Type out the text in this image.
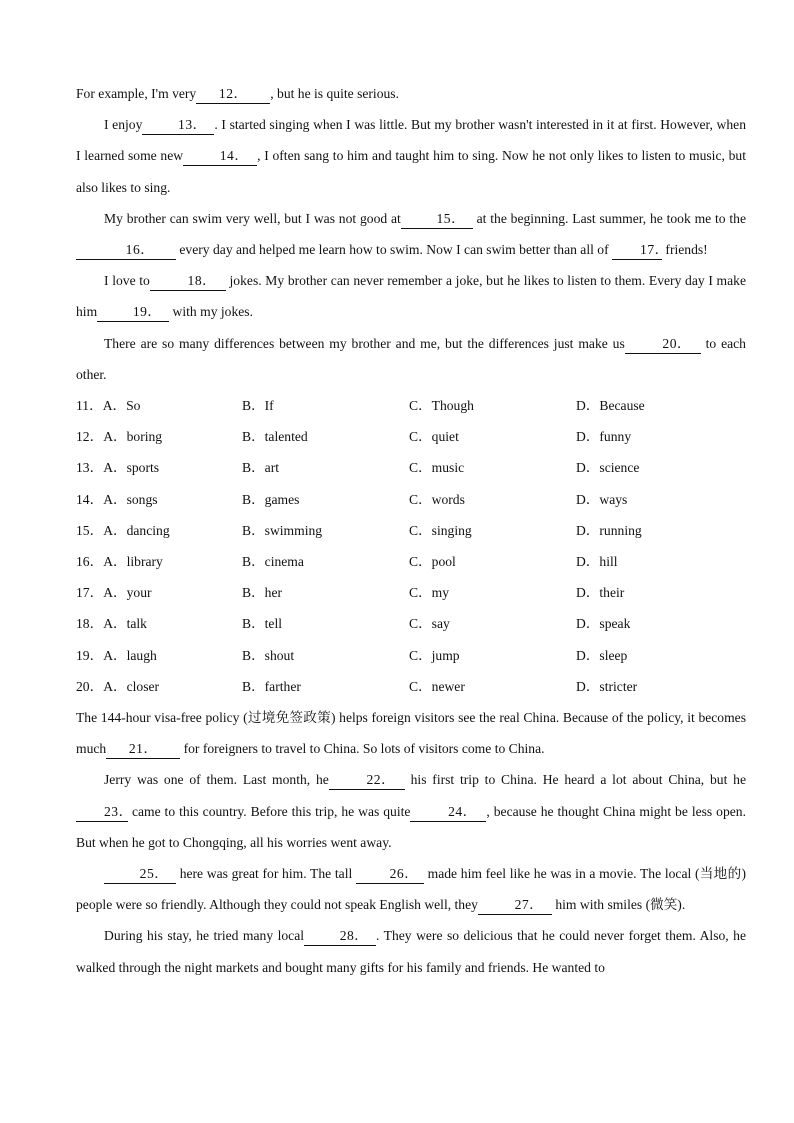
For example, I'm very 12． , but he is quite serious.

I enjoy	13． . I started singing when I was little. But my brother wasn't interested in it at first. However, when I learned some new	14． , I often sang to him and taught him to sing. Now he not only likes to listen to music, but also likes to sing.

My brother can swim very well, but I was not good at	15． at the beginning. Last summer, he took me to the16． every day and helped me learn how to swim. Now I can swim better than all of 17． friends!

I love to	18． jokes. My brother can never remember a joke, but he likes to listen to them. Every day I make him	19． with my jokes.

There are so many differences between my brother and me, but the differences just make us	20． to each other.

11．A．So	B．If	C．Though	D．Because
12．A．boring	B．talented	C．quiet	D．funny
13．A．sports	B．art	C．music	D．science
14．A．songs	B．games	C．words	D．ways
15．A．dancing	B．swimming	C．singing	D．running
16．A．library	B．cinema	C．pool	D．hill
17．A．your	B．her	C．my	D．their
18．A．talk	B．tell	C．say	D．speak
19．A．laugh	B．shout	C．jump	D．sleep
20．A．closer	B．farther	C．newer	D．stricter

The 144-hour visa-free policy (过境免签政策) helps foreign visitors see the real China. Because of the policy, it becomes much 21． for foreigners to travel to China. So lots of visitors come to China.

Jerry was one of them. Last month, he	22． his first trip to China. He heard a lot about China, but he 23． came to this country. Before this trip, he was quite	24． , because he thought China might be less open. But when he got to Chongqing, all his worries went away.

25． here was great for him. The tall 26． made him feel like he was in a movie. The local (当地的) people were so friendly. Although they could not speak English well, they	27． him with smiles (微笑).

During his stay, he tried many local	28． . They were so delicious that he could never forget them. Also, he walked through the night markets and bought many gifts for his family and friends. He wanted to
